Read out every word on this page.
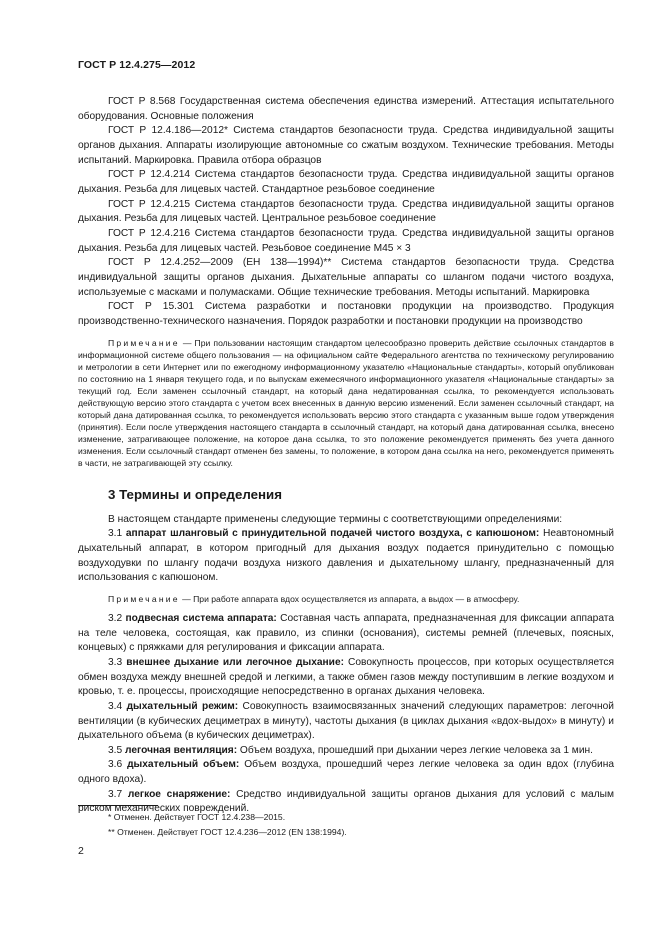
ГОСТ Р 12.4.275—2012

ГОСТ Р 8.568 Государственная система обеспечения единства измерений. Аттестация испытательного оборудования. Основные положения

ГОСТ Р 12.4.186—2012* Система стандартов безопасности труда. Средства индивидуальной защиты органов дыхания. Аппараты изолирующие автономные со сжатым воздухом. Технические требования. Методы испытаний. Маркировка. Правила отбора образцов

ГОСТ Р 12.4.214 Система стандартов безопасности труда. Средства индивидуальной защиты органов дыхания. Резьба для лицевых частей. Стандартное резьбовое соединение

ГОСТ Р 12.4.215 Система стандартов безопасности труда. Средства индивидуальной защиты органов дыхания. Резьба для лицевых частей. Центральное резьбовое соединение

ГОСТ Р 12.4.216 Система стандартов безопасности труда. Средства индивидуальной защиты органов дыхания. Резьба для лицевых частей. Резьбовое соединение M45 × 3

ГОСТ Р 12.4.252—2009 (ЕН 138—1994)** Система стандартов безопасности труда. Средства индивидуальной защиты органов дыхания. Дыхательные аппараты со шлангом подачи чистого воздуха, используемые с масками и полумасками. Общие технические требования. Методы испытаний. Маркировка

ГОСТ Р 15.301 Система разработки и постановки продукции на производство. Продукция производственно-технического назначения. Порядок разработки и постановки продукции на производство

Примечание — При пользовании настоящим стандартом целесообразно проверить действие ссылочных стандартов в информационной системе общего пользования — на официальном сайте Федерального агентства по техническому регулированию и метрологии в сети Интернет или по ежегодному информационному указателю «Национальные стандарты», который опубликован по состоянию на 1 января текущего года, и по выпускам ежемесячного информационного указателя «Национальные стандарты» за текущий год. Если заменен ссылочный стандарт, на который дана недатированная ссылка, то рекомендуется использовать действующую версию этого стандарта с учетом всех внесенных в данную версию изменений. Если заменен ссылочный стандарт, на который дана датированная ссылка, то рекомендуется использовать версию этого стандарта с указанным выше годом утверждения (принятия). Если после утверждения настоящего стандарта в ссылочный стандарт, на который дана датированная ссылка, внесено изменение, затрагивающее положение, на которое дана ссылка, то это положение рекомендуется применять без учета данного изменения. Если ссылочный стандарт отменен без замены, то положение, в котором дана ссылка на него, рекомендуется применять в части, не затрагивающей эту ссылку.

3 Термины и определения

В настоящем стандарте применены следующие термины с соответствующими определениями:

3.1 аппарат шланговый с принудительной подачей чистого воздуха, с капюшоном: Неавтономный дыхательный аппарат, в котором пригодный для дыхания воздух подается принудительно с помощью воздуходувки по шлангу подачи воздуха низкого давления и дыхательному шлангу, предназначенный для использования с капюшоном.

Примечание — При работе аппарата вдох осуществляется из аппарата, а выдох — в атмосферу.

3.2 подвесная система аппарата: Составная часть аппарата, предназначенная для фиксации аппарата на теле человека, состоящая, как правило, из спинки (основания), системы ремней (плечевых, поясных, концевых) с пряжками для регулирования и фиксации аппарата.

3.3 внешнее дыхание или легочное дыхание: Совокупность процессов, при которых осуществляется обмен воздуха между внешней средой и легкими, а также обмен газов между поступившим в легкие воздухом и кровью, т. е. процессы, происходящие непосредственно в органах дыхания человека.

3.4 дыхательный режим: Совокупность взаимосвязанных значений следующих параметров: легочной вентиляции (в кубических дециметрах в минуту), частоты дыхания (в циклах дыхания «вдох-выдох» в минуту) и дыхательного объема (в кубических дециметрах).

3.5 легочная вентиляция: Объем воздуха, прошедший при дыхании через легкие человека за 1 мин.

3.6 дыхательный объем: Объем воздуха, прошедший через легкие человека за один вдох (глубина одного вдоха).

3.7 легкое снаряжение: Средство индивидуальной защиты органов дыхания для условий с малым риском механических повреждений.

* Отменен. Действует ГОСТ 12.4.238—2015.
** Отменен. Действует ГОСТ 12.4.236—2012 (EN 138:1994).
2
